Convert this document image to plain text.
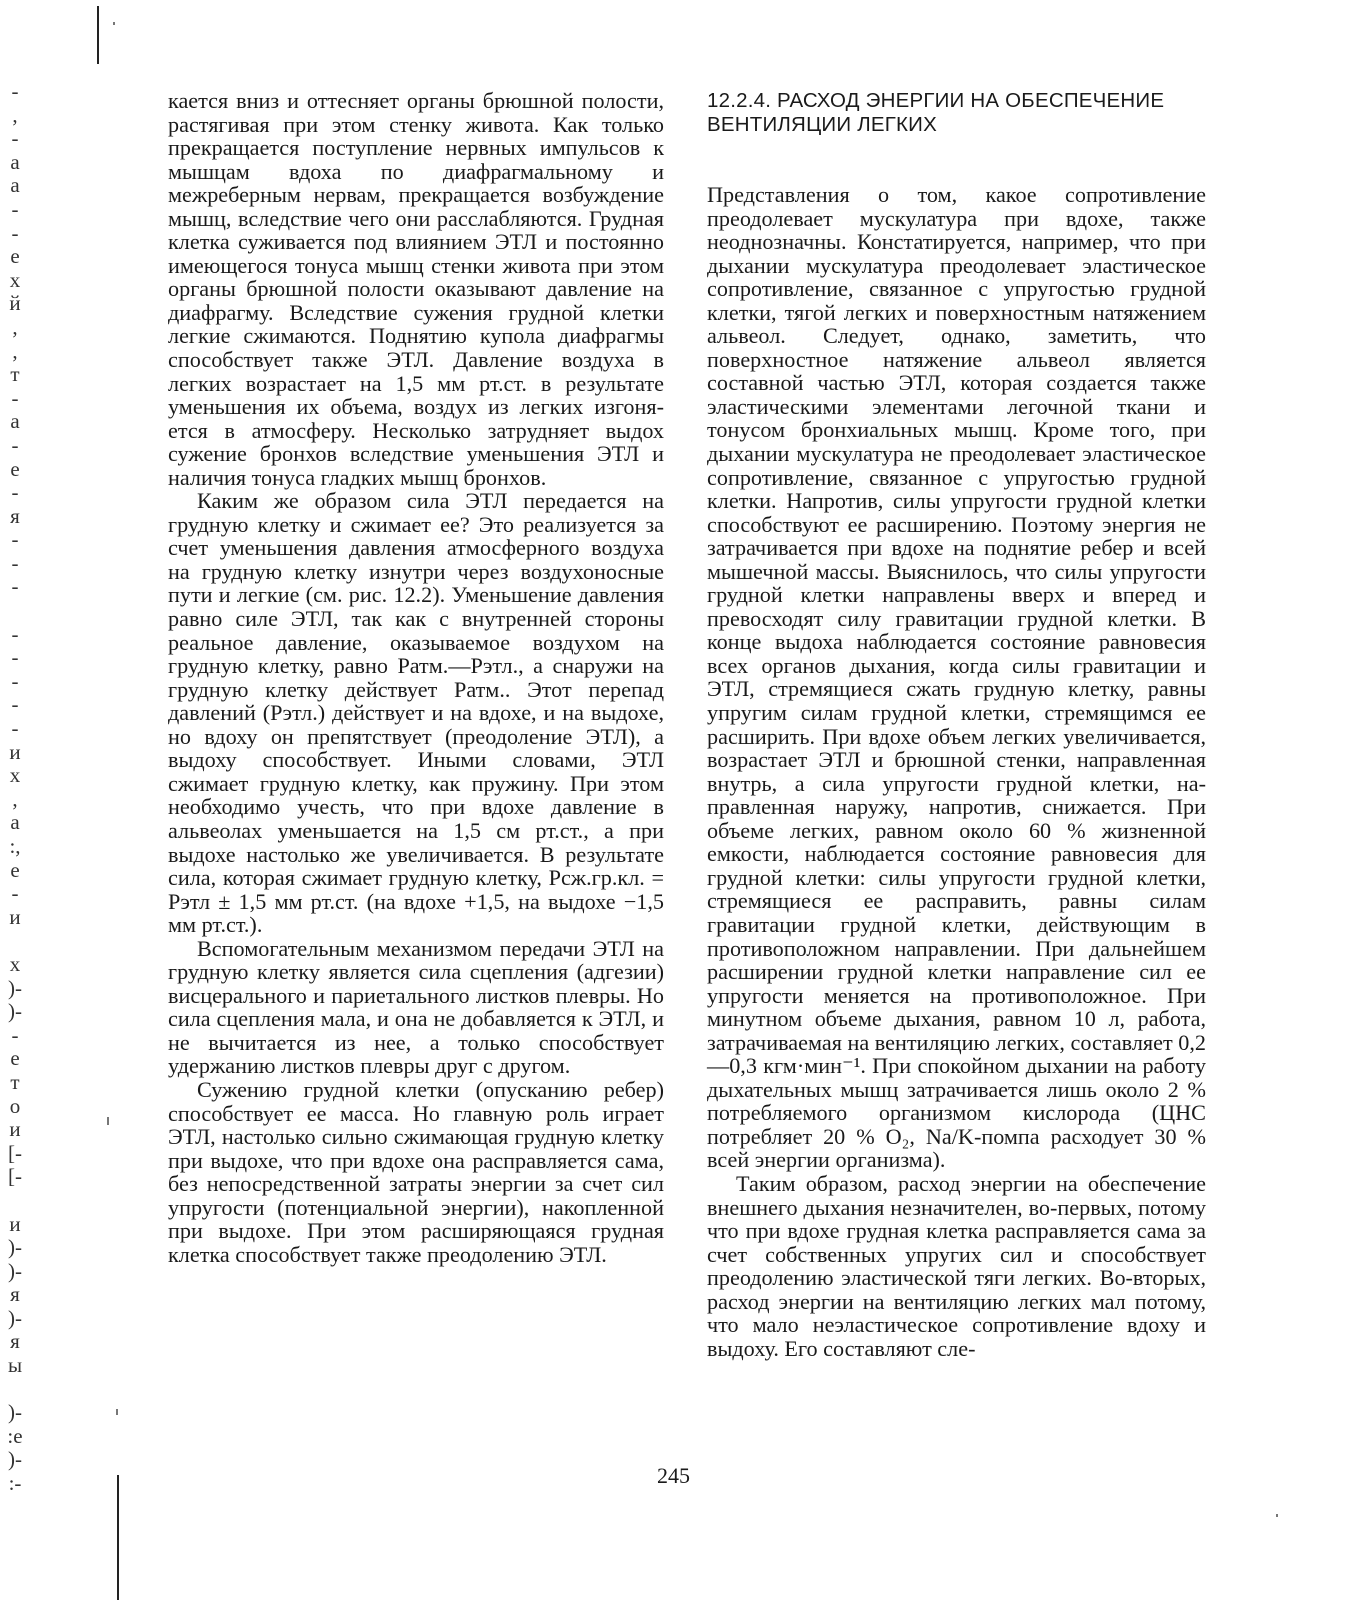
-
,
-
а
а
-
-
е
х
й
,
,
т
-
а
-
е
-
я
-
-
-

-
-
-
-
-
и
х
,
а
:,
е
-
и

х
)-
)-
-
е
т
о
и
[-
[-

и
)-
)-
я
)-
я
ы

)-
:е
)-
:-

кается вниз и оттесняет органы брюшной полости, растягивая при этом стенку живота. Как только прекращается поступление нервных импульсов к мышцам вдоха по диафрагмальному и межреберным нервам, прекращается возбуждение мышц, вследствие чего они расслабляются. Грудная клетка суживается под влиянием ЭТЛ и постоянно имеющегося тонуса мышц стенки живота при этом органы брюшной полости оказывают давление на диафрагму. Вследствие сужения грудной клетки легкие сжимаются. Поднятию купола диафрагмы способствует также ЭТЛ. Давление воздуха в легких возрастает на 1,5 мм рт.ст. в результате уменьшения их объема, воздух из легких изгоняется в атмосферу. Несколько затрудняет выдох сужение бронхов вследствие уменьшения ЭТЛ и наличия тонуса гладких мышц бронхов.

Каким же образом сила ЭТЛ передается на грудную клетку и сжимает ее? Это реализуется за счет уменьшения давления атмосферного воздуха на грудную клетку изнутри через воздухоносные пути и легкие (см. рис. 12.2). Уменьшение давления равно силе ЭТЛ, так как с внутренней стороны реальное давление, оказываемое воздухом на грудную клетку, равно Pатм.—Pэтл., а снаружи на грудную клетку действует Pатм.. Этот перепад давлений (Pэтл.) действует и на вдохе, и на выдохе, но вдоху он препятствует (преодоление ЭТЛ), а выдоху способствует. Иными словами, ЭТЛ сжимает грудную клетку, как пружину. При этом необходимо учесть, что при вдохе давление в альвеолах уменьшается на 1,5 см рт.ст., а при выдохе настолько же увеличивается. В результате сила, которая сжимает грудную клетку, Pсж.гр.кл. = Pэтл ± 1,5 мм рт.ст. (на вдохе +1,5, на выдохе −1,5 мм рт.ст.).

Вспомогательным механизмом передачи ЭТЛ на грудную клетку является сила сцепления (адгезии) висцерального и париетального листков плевры. Но сила сцепления мала, и она не добавляется к ЭТЛ, и не вычитается из нее, а только способствует удержанию листков плевры друг с другом.

Сужению грудной клетки (опусканию ребер) способствует ее масса. Но главную роль играет ЭТЛ, настолько сильно сжимающая грудную клетку при выдохе, что при вдохе она расправляется сама, без непосредственной затраты энергии за счет сил упругости (потенциальной энергии), накопленной при выдохе. При этом расширяющаяся грудная клетка способствует также преодолению ЭТЛ.

12.2.4. РАСХОД ЭНЕРГИИ НА ОБЕСПЕЧЕНИЕ ВЕНТИЛЯЦИИ ЛЕГКИХ

Представления о том, какое сопротивление преодолевает мускулатура при вдохе, также неоднозначны. Констатируется, например, что при дыхании мускулатура преодолевает эластическое сопротивление, связанное с упругостью грудной клетки, тягой легких и поверхностным натяжением альвеол. Следует, однако, заметить, что поверхностное натяжение альвеол является составной частью ЭТЛ, которая создается также эластическими элементами легочной ткани и тонусом бронхиальных мышц. Кроме того, при дыхании мускулатура не преодолевает эластическое сопротивление, связанное с упругостью грудной клетки. Напротив, силы упругости грудной клетки способствуют ее расширению. Поэтому энергия не затрачивается при вдохе на поднятие ребер и всей мышечной массы. Выяснилось, что силы упругости грудной клетки направлены вверх и вперед и превосходят силу гравитации грудной клетки. В конце выдоха наблюдается состояние равновесия всех органов дыхания, когда силы гравитации и ЭТЛ, стремящиеся сжать грудную клетку, равны упругим силам грудной клетки, стремящимся ее расширить. При вдохе объем легких увеличивается, возрастает ЭТЛ и брюшной стенки, направленная внутрь, а сила упругости грудной клетки, направленная наружу, напротив, снижается. При объеме легких, равном около 60 % жизненной емкости, наблюдается состояние равновесия для грудной клетки: силы упругости грудной клетки, стремящиеся ее расправить, равны силам гравитации грудной клетки, действующим в противоположном направлении. При дальнейшем расширении грудной клетки направление сил ее упругости меняется на противоположное. При минутном объеме дыхания, равном 10 л, работа, затрачиваемая на вентиляцию легких, составляет 0,2—0,3 кгм·мин⁻¹. При спокойном дыхании на работу дыхательных мышц затрачивается лишь около 2 % потребляемого организмом кислорода (ЦНС потребляет 20 % O₂, Na/K-помпа расходует 30 % всей энергии организма).

Таким образом, расход энергии на обеспечение внешнего дыхания незначителен, во-первых, потому что при вдохе грудная клетка расправляется сама за счет собственных упругих сил и способствует преодолению эластической тяги легких. Во-вторых, расход энергии на вентиляцию легких мал потому, что мало неэластическое сопротивление вдоху и выдоху. Его составляют сле-

245
